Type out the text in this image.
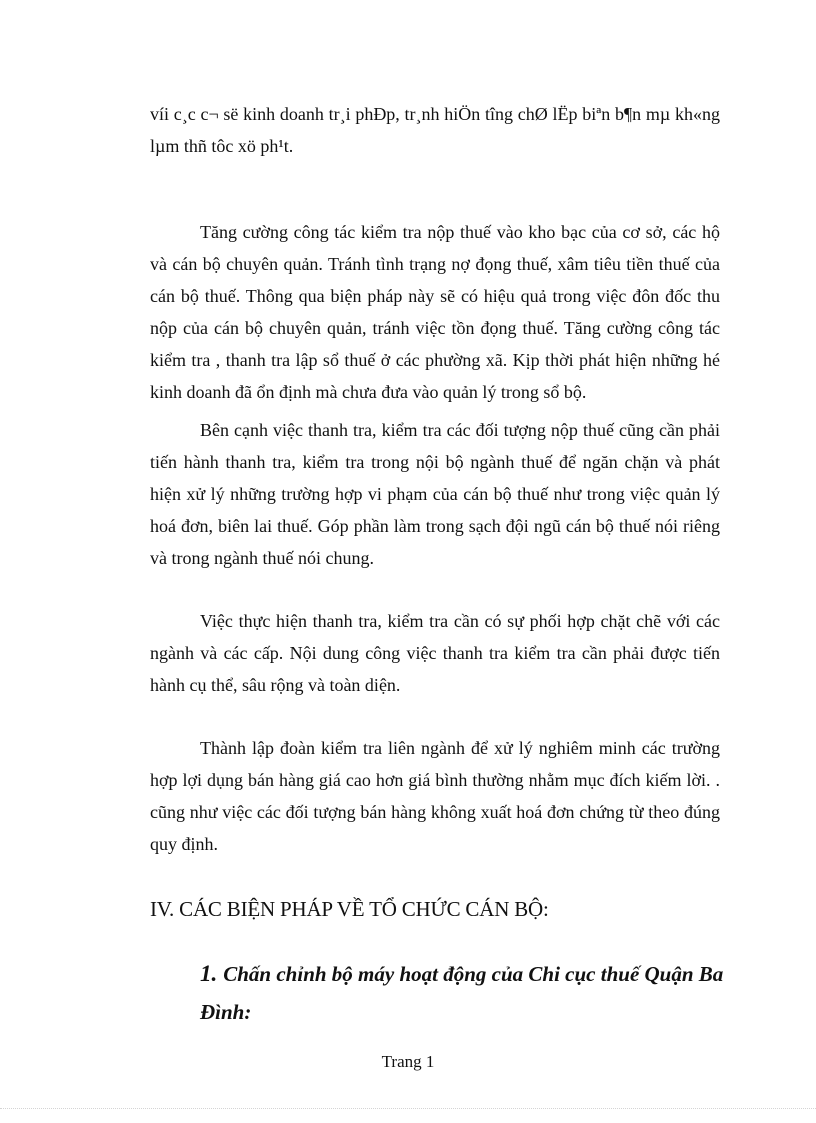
víi c¸c c¬ së kinh doanh tr¸i phÐp, tr¸nh hiÖn tîng chØ lËp biªn b¶n mµ kh«ng lµm thñ tôc xö ph¹t.

Tăng cường công tác kiểm tra nộp thuế vào kho bạc của cơ sở, các hộ và cán bộ chuyên quản. Tránh tình trạng nợ đọng thuế, xâm tiêu tiền thuế của cán bộ thuế. Thông qua biện pháp này sẽ có hiệu quả trong việc đôn đốc thu nộp của cán bộ chuyên quản, tránh việc tồn đọng thuế. Tăng cường công tác kiểm tra , thanh tra lập sổ thuế ở các phường xã. Kịp thời phát hiện những hé kinh doanh đã ổn định mà chưa đưa vào quản lý trong sổ bộ.

Bên cạnh việc thanh tra, kiểm tra các đối tượng nộp thuế cũng cần phải tiến hành thanh tra, kiểm tra trong nội bộ ngành thuế để ngăn chặn và phát hiện xử lý những trường hợp vi phạm của cán bộ thuế như trong việc quản lý hoá đơn, biên lai thuế. Góp phần làm trong sạch đội ngũ cán bộ thuế nói riêng và trong ngành thuế nói chung.

Việc thực hiện thanh tra, kiểm tra cần có sự phối hợp chặt chẽ với các ngành và các cấp. Nội dung công việc thanh tra kiểm tra cần phải được tiến hành cụ thể, sâu rộng và toàn diện.

Thành lập đoàn kiểm tra liên ngành để xử lý nghiêm minh các trường hợp lợi dụng bán hàng giá cao hơn giá bình thường nhằm mục đích kiếm lời. . cũng như việc các đối tượng bán hàng không xuất hoá đơn chứng từ theo đúng quy định.

IV. CÁC BIỆN PHÁP VỀ TỔ CHỨC CÁN BỘ:
1. Chấn chỉnh bộ máy hoạt động của Chi cục thuế Quận Ba Đình:
Trang 1
